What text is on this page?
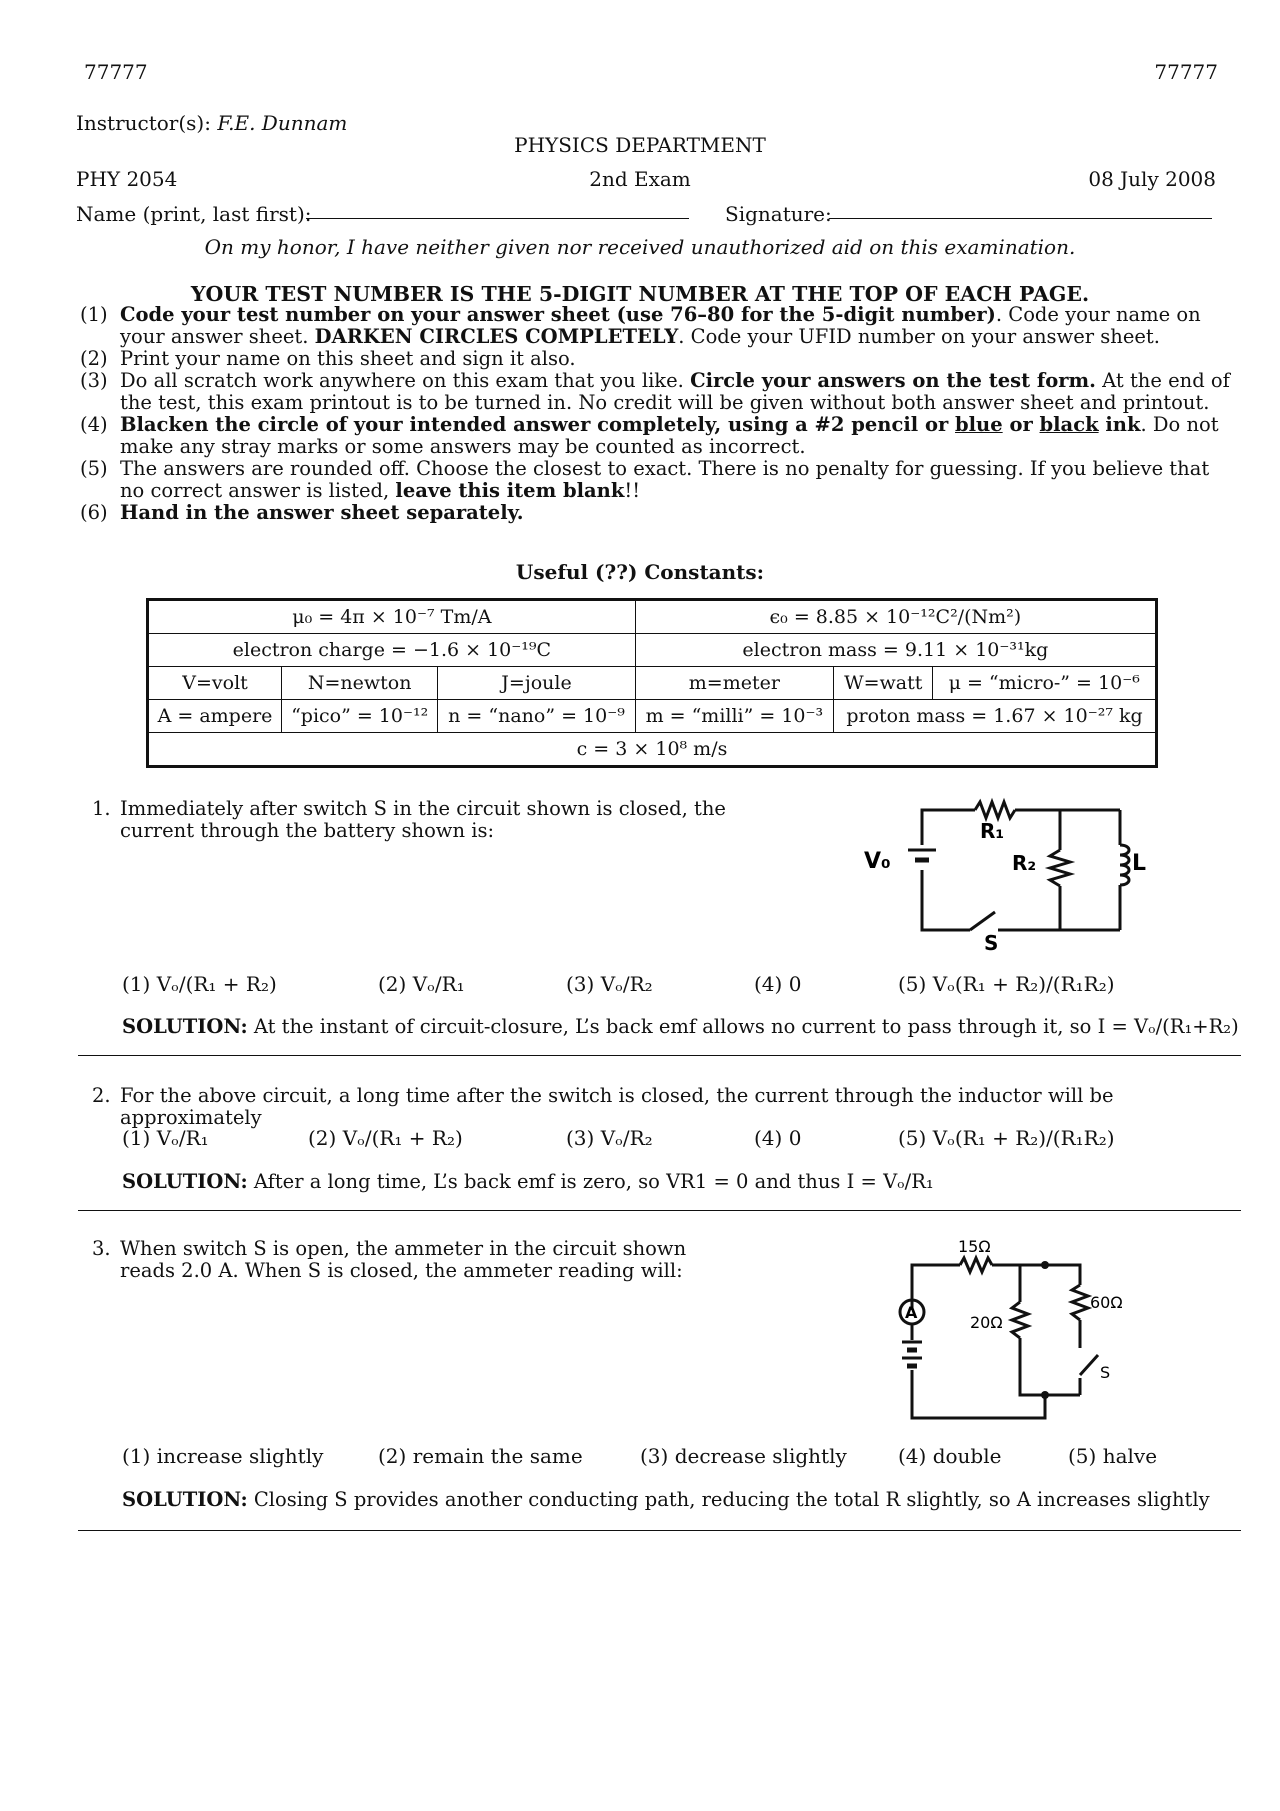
77777	77777
Instructor(s): F.E. Dunnam
PHYSICS DEPARTMENT
PHY 2054	2nd Exam	08 July 2008
Name (print, last first):	Signature:
On my honor, I have neither given nor received unauthorized aid on this examination.
YOUR TEST NUMBER IS THE 5-DIGIT NUMBER AT THE TOP OF EACH PAGE.
(1) Code your test number on your answer sheet (use 76–80 for the 5-digit number). Code your name on your answer sheet. DARKEN CIRCLES COMPLETELY. Code your UFID number on your answer sheet.
(2) Print your name on this sheet and sign it also.
(3) Do all scratch work anywhere on this exam that you like. Circle your answers on the test form. At the end of the test, this exam printout is to be turned in. No credit will be given without both answer sheet and printout.
(4) Blacken the circle of your intended answer completely, using a #2 pencil or blue or black ink. Do not make any stray marks or some answers may be counted as incorrect.
(5) The answers are rounded off. Choose the closest to exact. There is no penalty for guessing. If you believe that no correct answer is listed, leave this item blank!!
(6) Hand in the answer sheet separately.
Useful (??) Constants:
μ₀ = 4π × 10⁻⁷ Tm/A			ϵ₀ = 8.85 × 10⁻¹²C²/(Nm²)		
electron charge = −1.6 × 10⁻¹⁹C			electron mass = 9.11 × 10⁻³¹kg		
V=volt	N=newton	J=joule	m=meter	W=watt	μ = “micro-” = 10⁻⁶
A = ampere	“pico” = 10⁻¹²	n = “nano” = 10⁻⁹	m = “milli” = 10⁻³	proton mass = 1.67 × 10⁻²⁷ kg	
c = 3 × 10⁸ m/s					
1. Immediately after switch S in the circuit shown is closed, the current through the battery shown is:	R₁
R₂
V₀
S
L
(1) Vₒ/(R₁ + R₂)	(2) Vₒ/R₁	(3) Vₒ/R₂	(4) 0	(5) Vₒ(R₁ + R₂)/(R₁R₂)
SOLUTION: At the instant of circuit-closure, L’s back emf allows no current to pass through it, so I = Vₒ/(R₁+R₂)
2. For the above circuit, a long time after the switch is closed, the current through the inductor will be approximately
(1) Vₒ/R₁	(2) Vₒ/(R₁ + R₂)	(3) Vₒ/R₂	(4) 0	(5) Vₒ(R₁ + R₂)/(R₁R₂)
SOLUTION: After a long time, L’s back emf is zero, so VR1 = 0 and thus I = Vₒ/R₁
3. When switch S is open, the ammeter in the circuit shown reads 2.0 A. When S is closed, the ammeter reading will:
A
15Ω
20Ω
60Ω
S
(1) increase slightly	(2) remain the same	(3) decrease slightly	(4) double	(5) halve
SOLUTION: Closing S provides another conducting path, reducing the total R slightly, so A increases slightly
